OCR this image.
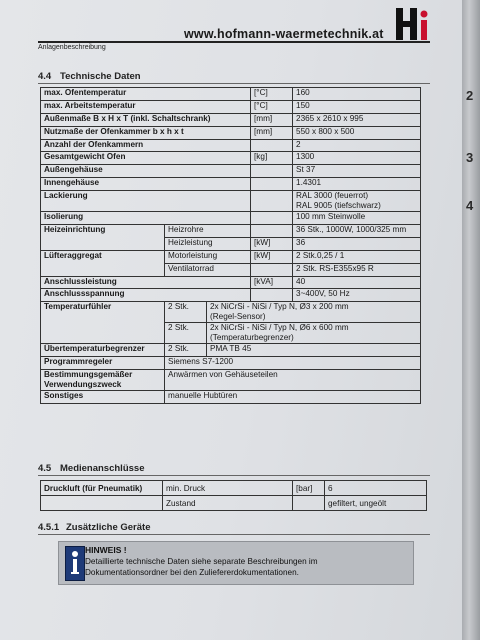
2
3
4
www.hofmann-waermetechnik.at
Anlagenbeschreibung
4.4 Technische Daten
max. Ofentemperatur			[°C]	160
max. Arbeitstemperatur			[°C]	150
Außenmaße B x H x T (inkl. Schaltschrank)			[mm]	2365 x 2610 x 995
Nutzmaße der Ofenkammer b x h x t			[mm]	550 x 800 x 500
Anzahl der Ofenkammern				2
Gesamtgewicht Ofen			[kg]	1300
Außengehäuse				St 37
Innengehäuse				1.4301
Lackierung				RAL 3000 (feuerrot)
RAL 9005 (tiefschwarz)

Isolierung				100 mm Steinwolle
Heizeinrichtung	Heizrohre			36 Stk., 1000W, 1000/325 mm
	Heizleistung		[kW]	36
Lüfteraggregat	Motorleistung		[kW]	2 Stk.0,25 / 1
	Ventilatorrad			2 Stk. RS-E355x95 R
Anschlussleistung			[kVA]	40
Anschlussspannung				3~400V, 50 Hz
Temperaturfühler	2 Stk.	2x NiCrSi - NiSi / Typ N, Ø3 x 200 mm
(Regel-Sensor)		

	2 Stk.	2x NiCrSi - NiSi / Typ N, Ø6 x 600 mm
(Temperaturbegrenzer)		

Übertemperaturbegrenzer	2 Stk.	PMA TB 45		
Programmregeler	Siemens S7-1200			

Bestimmungsgemäßer
Verwendungszweck	Anwärmen von Gehäuseteilen			
Sonstiges	manuelle Hubtüren			
4.5 Medienanschlüsse
Druckluft (für Pneumatik)	min. Druck	[bar]	6
	Zustand		gefiltert, ungeölt
4.5.1 Zusätzliche Geräte
HINWEIS !
Detaillierte technische Daten siehe separate Beschreibungen im
Dokumentationsordner bei den Zuliefererdokumentationen.
